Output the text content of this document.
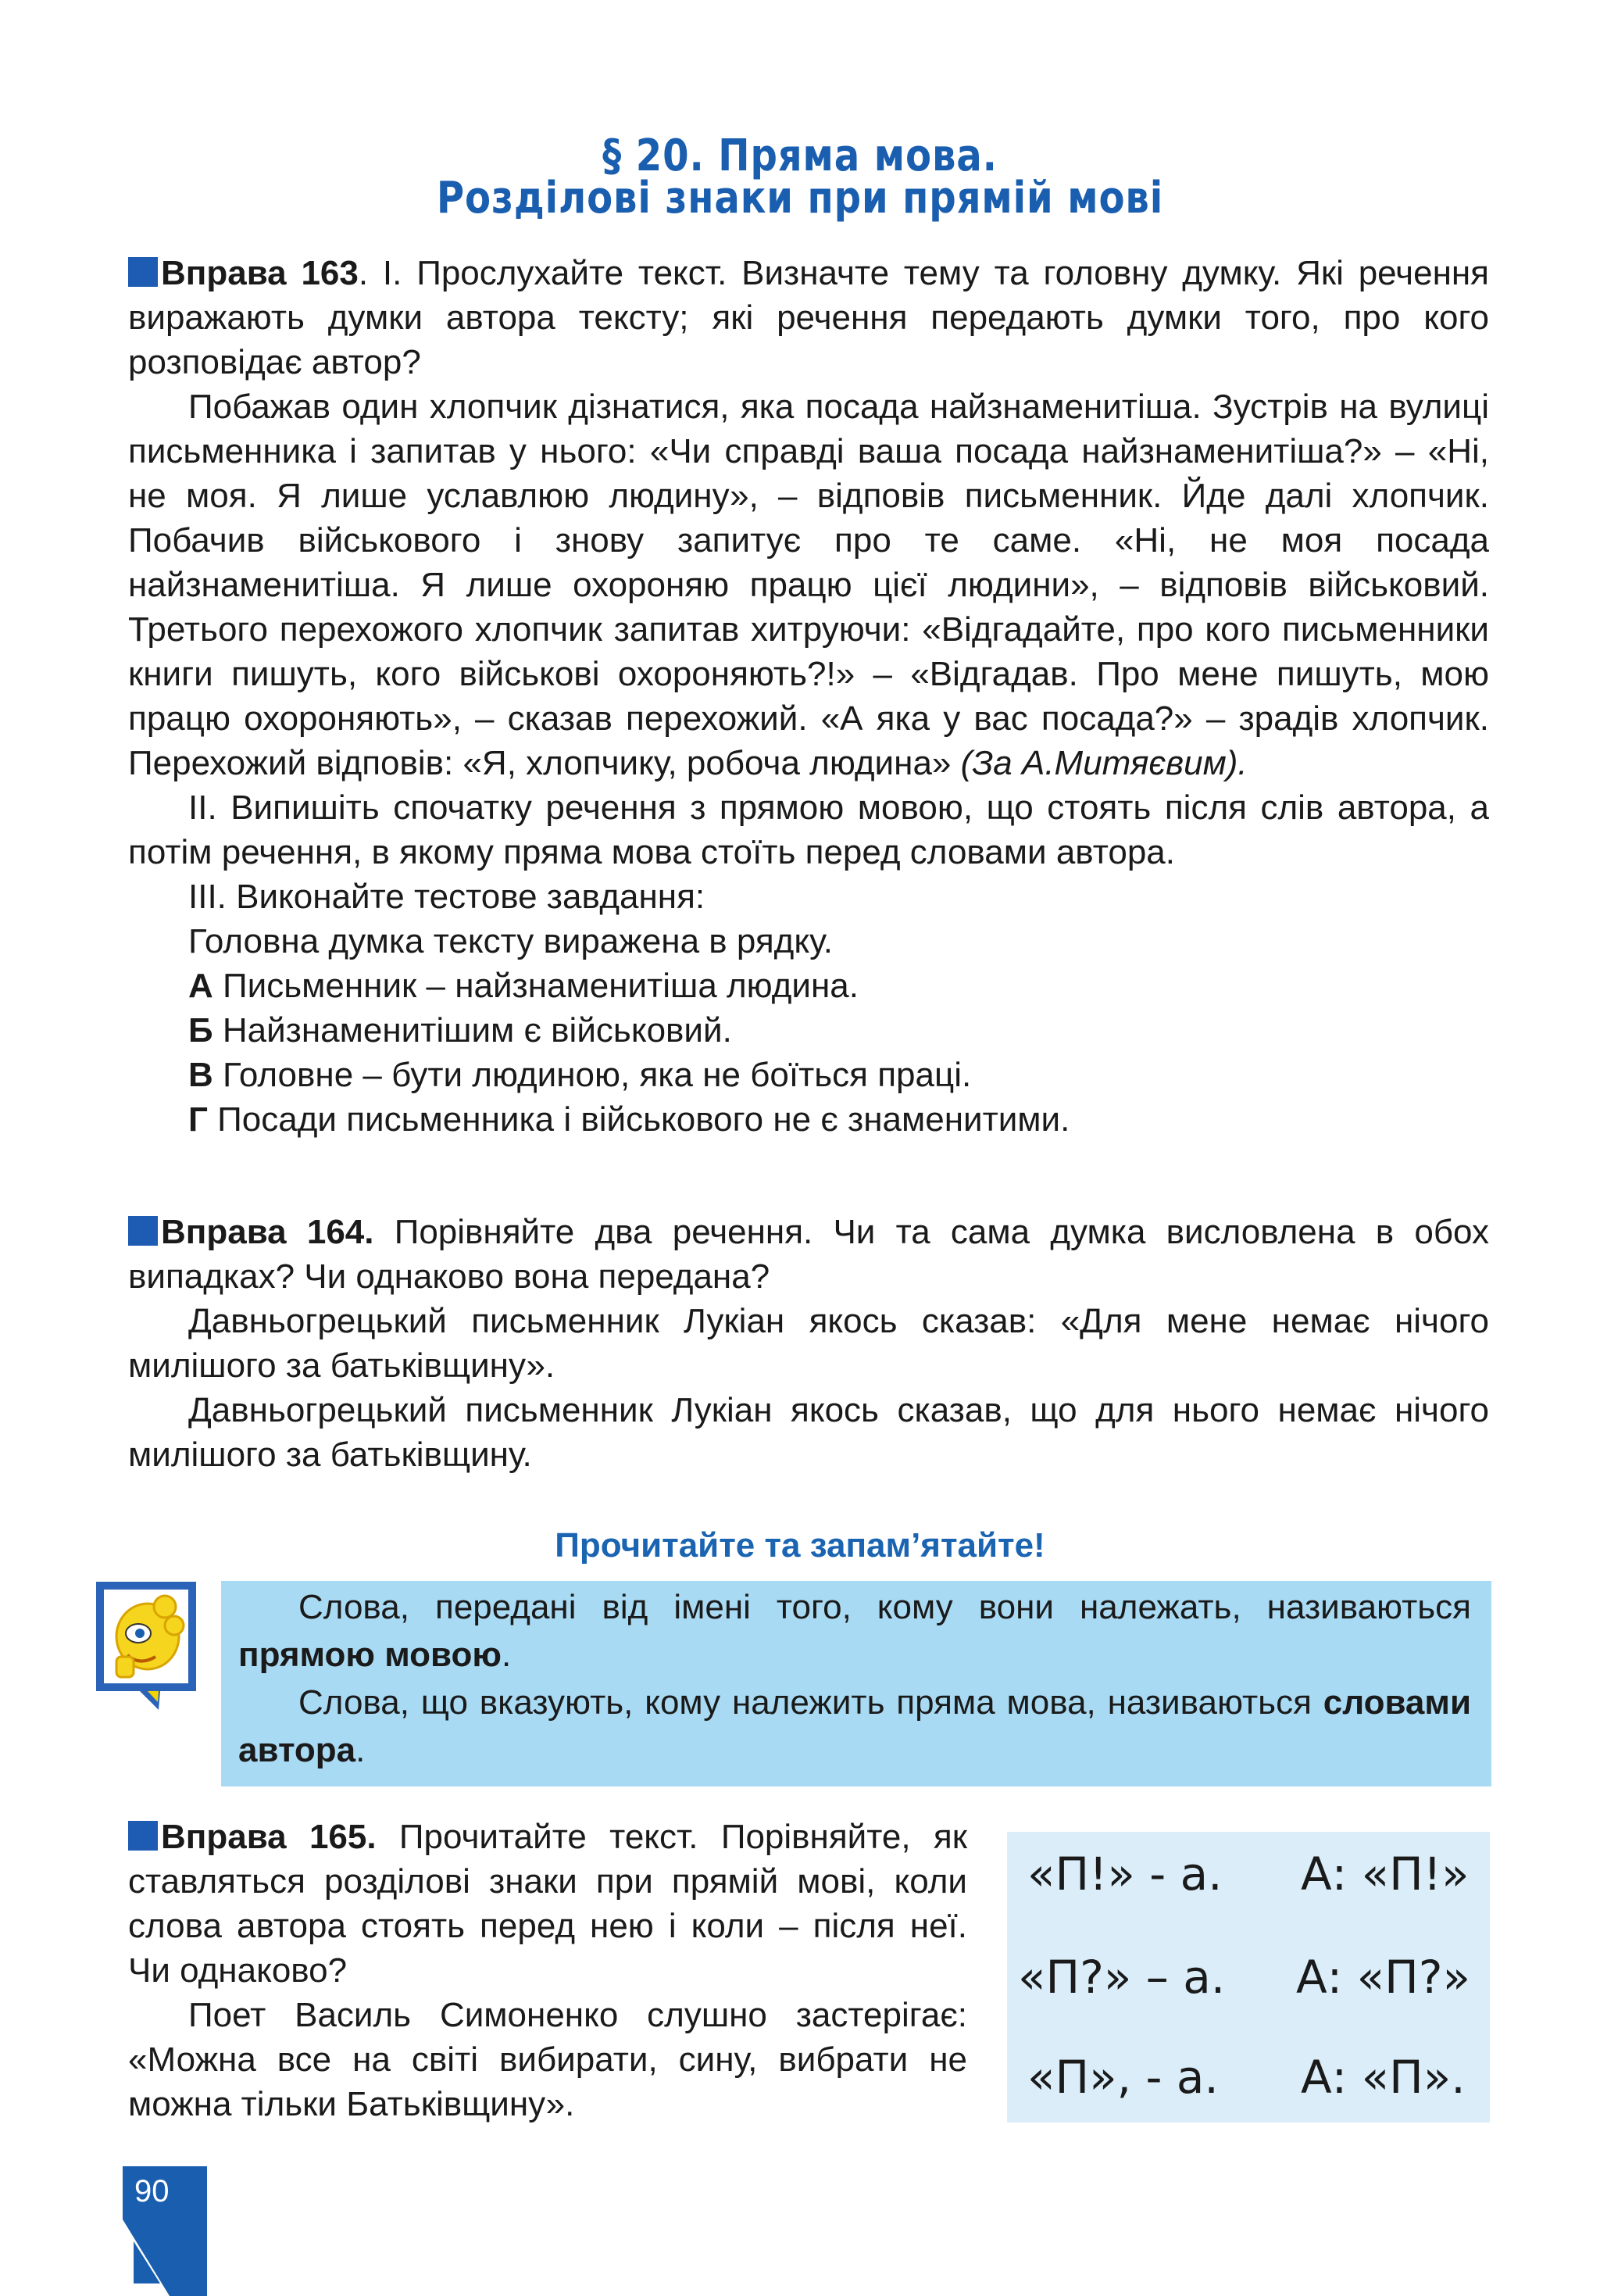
§ 20. Пряма мова.
Розділові знаки при прямій мові

Вправа 163. І. Прослухайте текст. Визначте тему та головну думку. Які речення виражають думки автора тексту; які речення передають думки того, про кого розповідає автор?

Побажав один хлопчик дізнатися, яка посада найзнаменитіша. Зустрів на вулиці письменника і запитав у нього: «Чи справді ваша посада найзнаменитіша?» – «Ні, не моя. Я лише уславлюю людину», – відповів письменник. Йде далі хлопчик. Побачив військового і знову запитує про те саме. «Ні, не моя посада найзнаменитіша. Я лише охороняю працю цієї людини», – відповів військовий. Третього перехожого хлопчик запитав хитруючи: «Відгадайте, про кого письменники книги пишуть, кого військові охороняють?!» – «Відгадав. Про мене пишуть, мою працю охороняють», – сказав перехожий. «А яка у вас посада?» – зрадів хлопчик. Перехожий відповів: «Я, хлопчику, робоча людина» (За А.Митяєвим).

ІІ. Випишіть спочатку речення з прямою мовою, що стоять після слів автора, а потім речення, в якому пряма мова стоїть перед словами автора.

ІІІ. Виконайте тестове завдання:

Головна думка тексту виражена в рядку.

А Письменник – найзнаменитіша людина.

Б Найзнаменитішим є військовий.

В Головне – бути людиною, яка не боїться праці.

Г Посади письменника і військового не є знаменитими.

Вправа 164. Порівняйте два речення. Чи та сама думка висловлена в обох випадках? Чи однаково вона передана?

Давньогрецький письменник Лукіан якось сказав: «Для мене немає нічого милішого за батьківщину».

Давньогрецький письменник Лукіан якось сказав, що для нього немає нічого милішого за батьківщину.

Прочитайте та запам’ятайте!

Слова, передані від імені того, кому вони належать, називаються прямою мовою.

Слова, що вказують, кому належить пряма мова, називаються словами автора.

Вправа 165. Прочитайте текст. Порівняйте, як ставляться розділові знаки при прямій мові, коли слова автора стоять перед нею і коли – після неї. Чи однаково?

Поет Василь Симоненко слушно застерігає: «Можна все на світі вибирати, сину, вибрати не можна тільки Батьківщину».

«П!» - а. А: «П!»
«П?» – а. А: «П?»
«П», - а. А: «П».
90
